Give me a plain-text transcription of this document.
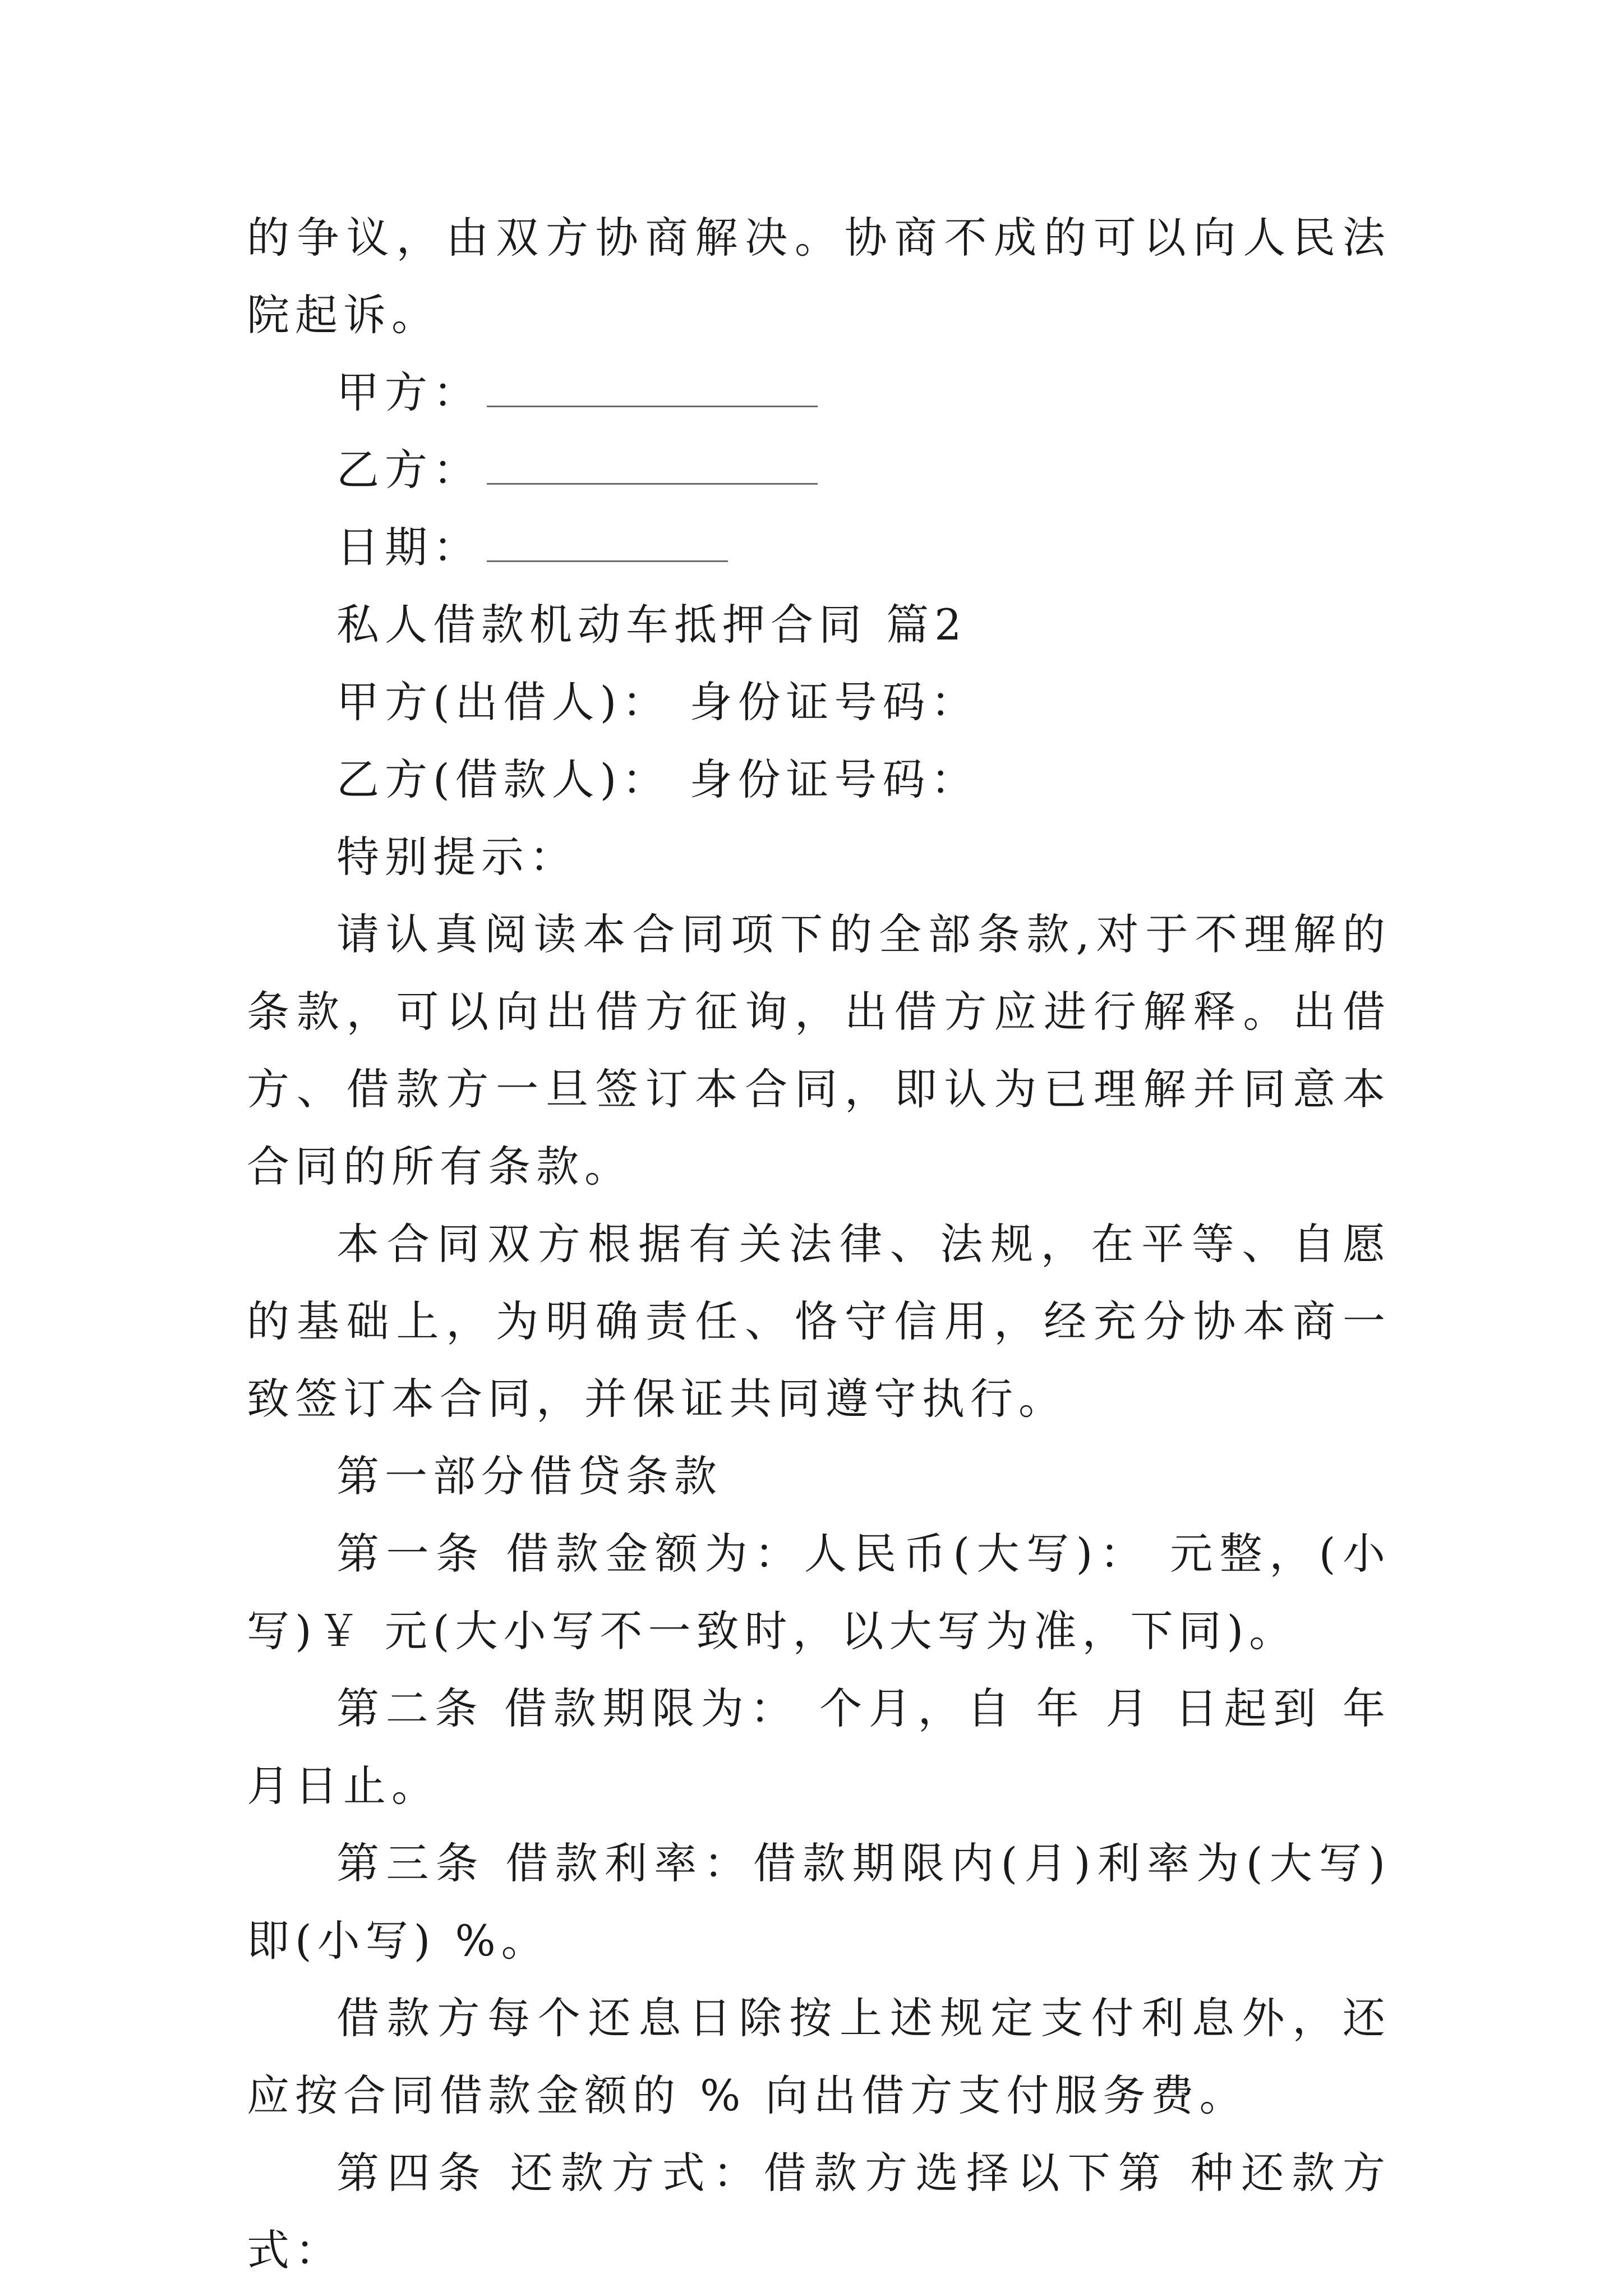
的争议，由双方协商解决。协商不成的可以向人民法院起诉。

甲方：

乙方：

日期：

私人借款机动车抵押合同 篇2

甲方(出借人)： 身份证号码：

乙方(借款人)： 身份证号码：

特别提示：

请认真阅读本合同项下的全部条款,对于不理解的条款，可以向出借方征询，出借方应进行解释。出借方、借款方一旦签订本合同，即认为已理解并同意本合同的所有条款。

本合同双方根据有关法律、法规，在平等、自愿的基础上，为明确责任、恪守信用，经充分协本商一致签订本合同，并保证共同遵守执行。

第一部分借贷条款

第一条 借款金额为：人民币(大写)： 元整，(小写)￥ 元(大小写不一致时，以大写为准，下同)。

第二条 借款期限为： 个月，自 年 月 日起到 年 月日止。

第三条 借款利率：借款期限内(月)利率为(大写) 即(小写) %。

借款方每个还息日除按上述规定支付利息外，还应按合同借款金额的 % 向出借方支付服务费。

第四条 还款方式：借款方选择以下第 种还款方式：
